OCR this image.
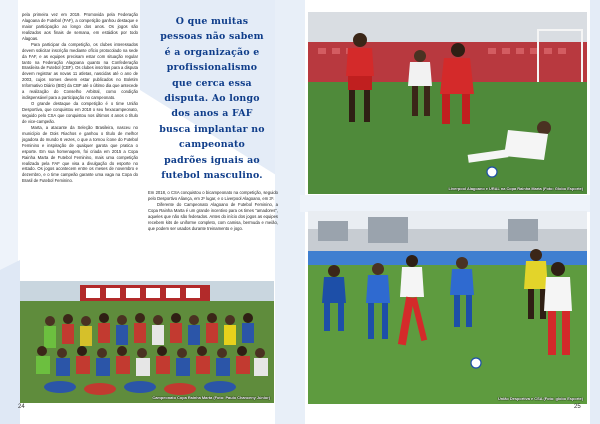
pela primeira vez em 2019. Promovida pela Federação Alagoana de Futebol (FAF), a competição ganhou destaque e maior participação ao longo dos anos. Os jogos são realizados aos finais de semana, em estádios por todo Alagoas.

Para participar da competição, os clubes interessados devem solicitar inscrição mediante ofício protocolado na sede da FAF, e as equipes precisam estar com situação regular tanto na Federação Alagoana quanto na Confederação Brasileira de Futebol (CBF). Os clubes inscritos para a disputa devem registrar as novas 11 atletas, nascidas até o ano de 2003, cujos nomes devem estar publicados no Boletim Informativo Diário (BID) da CBF até o último dia que antecede a realização do Conselho Arbitral, como condição indispensável para a participação no campeonato.

O grande destaque da competição é o time União Desportiva, que conquistou em 2018 o seu hexacampeonato, seguido pelo CSA que conquistou nos últimos 4 anos o título de vice-campeão.

Marta, a atacante da Seleção Brasileira, nasceu no município de Dois Riachos e ganhou o título de melhor jogadora do mundo 6 vezes, o que a tornou ícone do Futebol Feminino e inspiração de qualquer garota que pratica o esporte. Em sua homenagem, foi criada em 2015 a Copa Rainha Marta de Futebol Feminino, mais uma competição realizada pela FAF que visa a divulgação do esporte no estado. Os jogos acontecem entre os meses de novembro e dezembro, e o time campeão garante uma vaga na Copa do Brasil de Futebol Feminino.

O que muitas
pessoas não sabem
é a organização e
profissionalismo
que cerca essa
disputa. Ao longo
dos anos a FAF
busca implantar no
campeonato
padrões iguais ao
futebol masculino.

Em 2018, o CSA conquistou o bicampeonato na competição, seguido pelo Desportivo Aliança, em 2º lugar, e o Liverpool Alagoano, em 3º.

Diferente do Campeonato Alagoano de Futebol Feminino, a Copa Rainha Marta é um grande incentivo para os times "amadores", aqueles que não são federados. Antes do início dos jogos as equipes recebem kits de uniforme completo, com camisa, bermuda e meião, que podem ser usados durante treinamento e jogo.

Campeonato Copa Rainha Marta (Foto: Paulo Chanceny Júnior)
Liverpool Alagoano e URAL na Copa Rainha Marta (Foto: Globo Esporte)
União Desportiva e CSA (Foto: globo Esporte)
24	25
